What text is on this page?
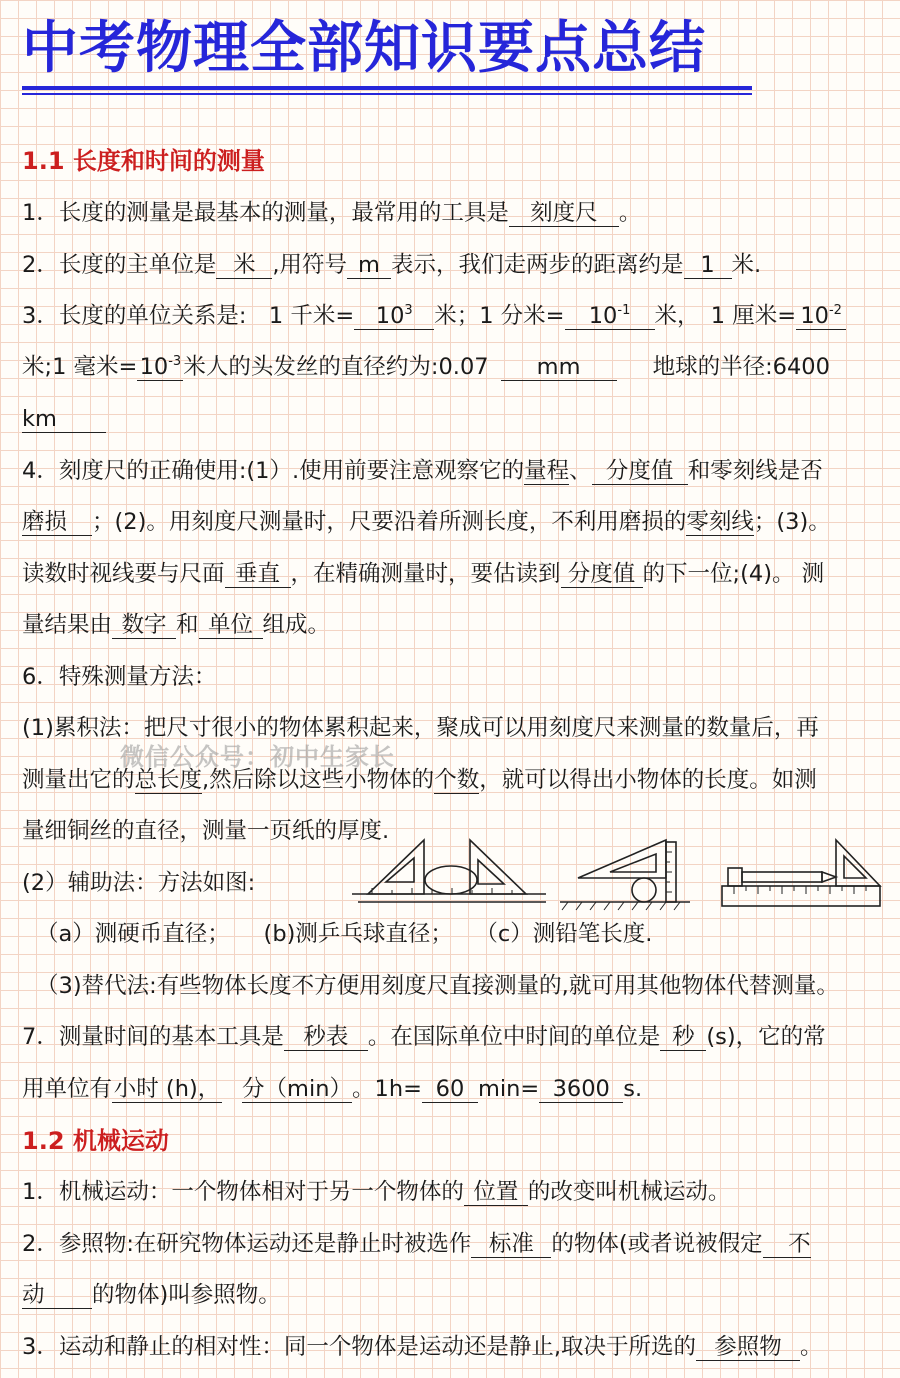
中考物理全部知识要点总结
1.1 长度和时间的测量
1．长度的测量是最基本的测量，最常用的工具是 刻度尺 。
2．长度的主单位是 米 ,用符号 m 表示，我们走两步的距离约是 1 米.
3．长度的单位关系是:　1 千米= $10^3$ 米；1 分米= $10^{-1}$ 米，　1 厘米= $10^{-2}$
米;1 毫米$=10^{-3}$米人的头发丝的直径约为:0.07 mm	地球的半径:6400
km
4．刻度尺的正确使用:(1）.使用前要注意观察它的量程、 分度值 和零刻线是否
磨损 ；(2)。用刻度尺测量时，尺要沿着所测长度，不利用磨损的零刻线；(3)。
读数时视线要与尺面 垂直 ，在精确测量时，要估读到 分度值 的下一位;(4)。 测
量结果由 数字 和 单位 组成。
6．特殊测量方法：
(1)累积法：把尺寸很小的物体累积起来，聚成可以用刻度尺来测量的数量后，再
测量出它的总长度,然后除以这些小物体的个数，就可以得出小物体的长度。如测
量细铜丝的直径，测量一页纸的厚度.
(2）辅助法：方法如图:
（a）测硬币直径；　　(b)测乒乓球直径；　　（c）测铅笔长度.
（3)替代法:有些物体长度不方便用刻度尺直接测量的,就可用其他物体代替测量。
7．测量时间的基本工具是 秒表 。在国际单位中时间的单位是 秒 (s)，它的常
用单位有小时 (h)， 分（min）。1h= 60 min= 3600 s.
1.2 机械运动
1．机械运动：一个物体相对于另一个物体的 位置 的改变叫机械运动。
2．参照物:在研究物体运动还是静止时被选作 标准 的物体(或者说被假定 不
动 的物体)叫参照物。
3．运动和静止的相对性：同一个物体是运动还是静止,取决于所选的 参照物 。
微信公众号：初中生家长
